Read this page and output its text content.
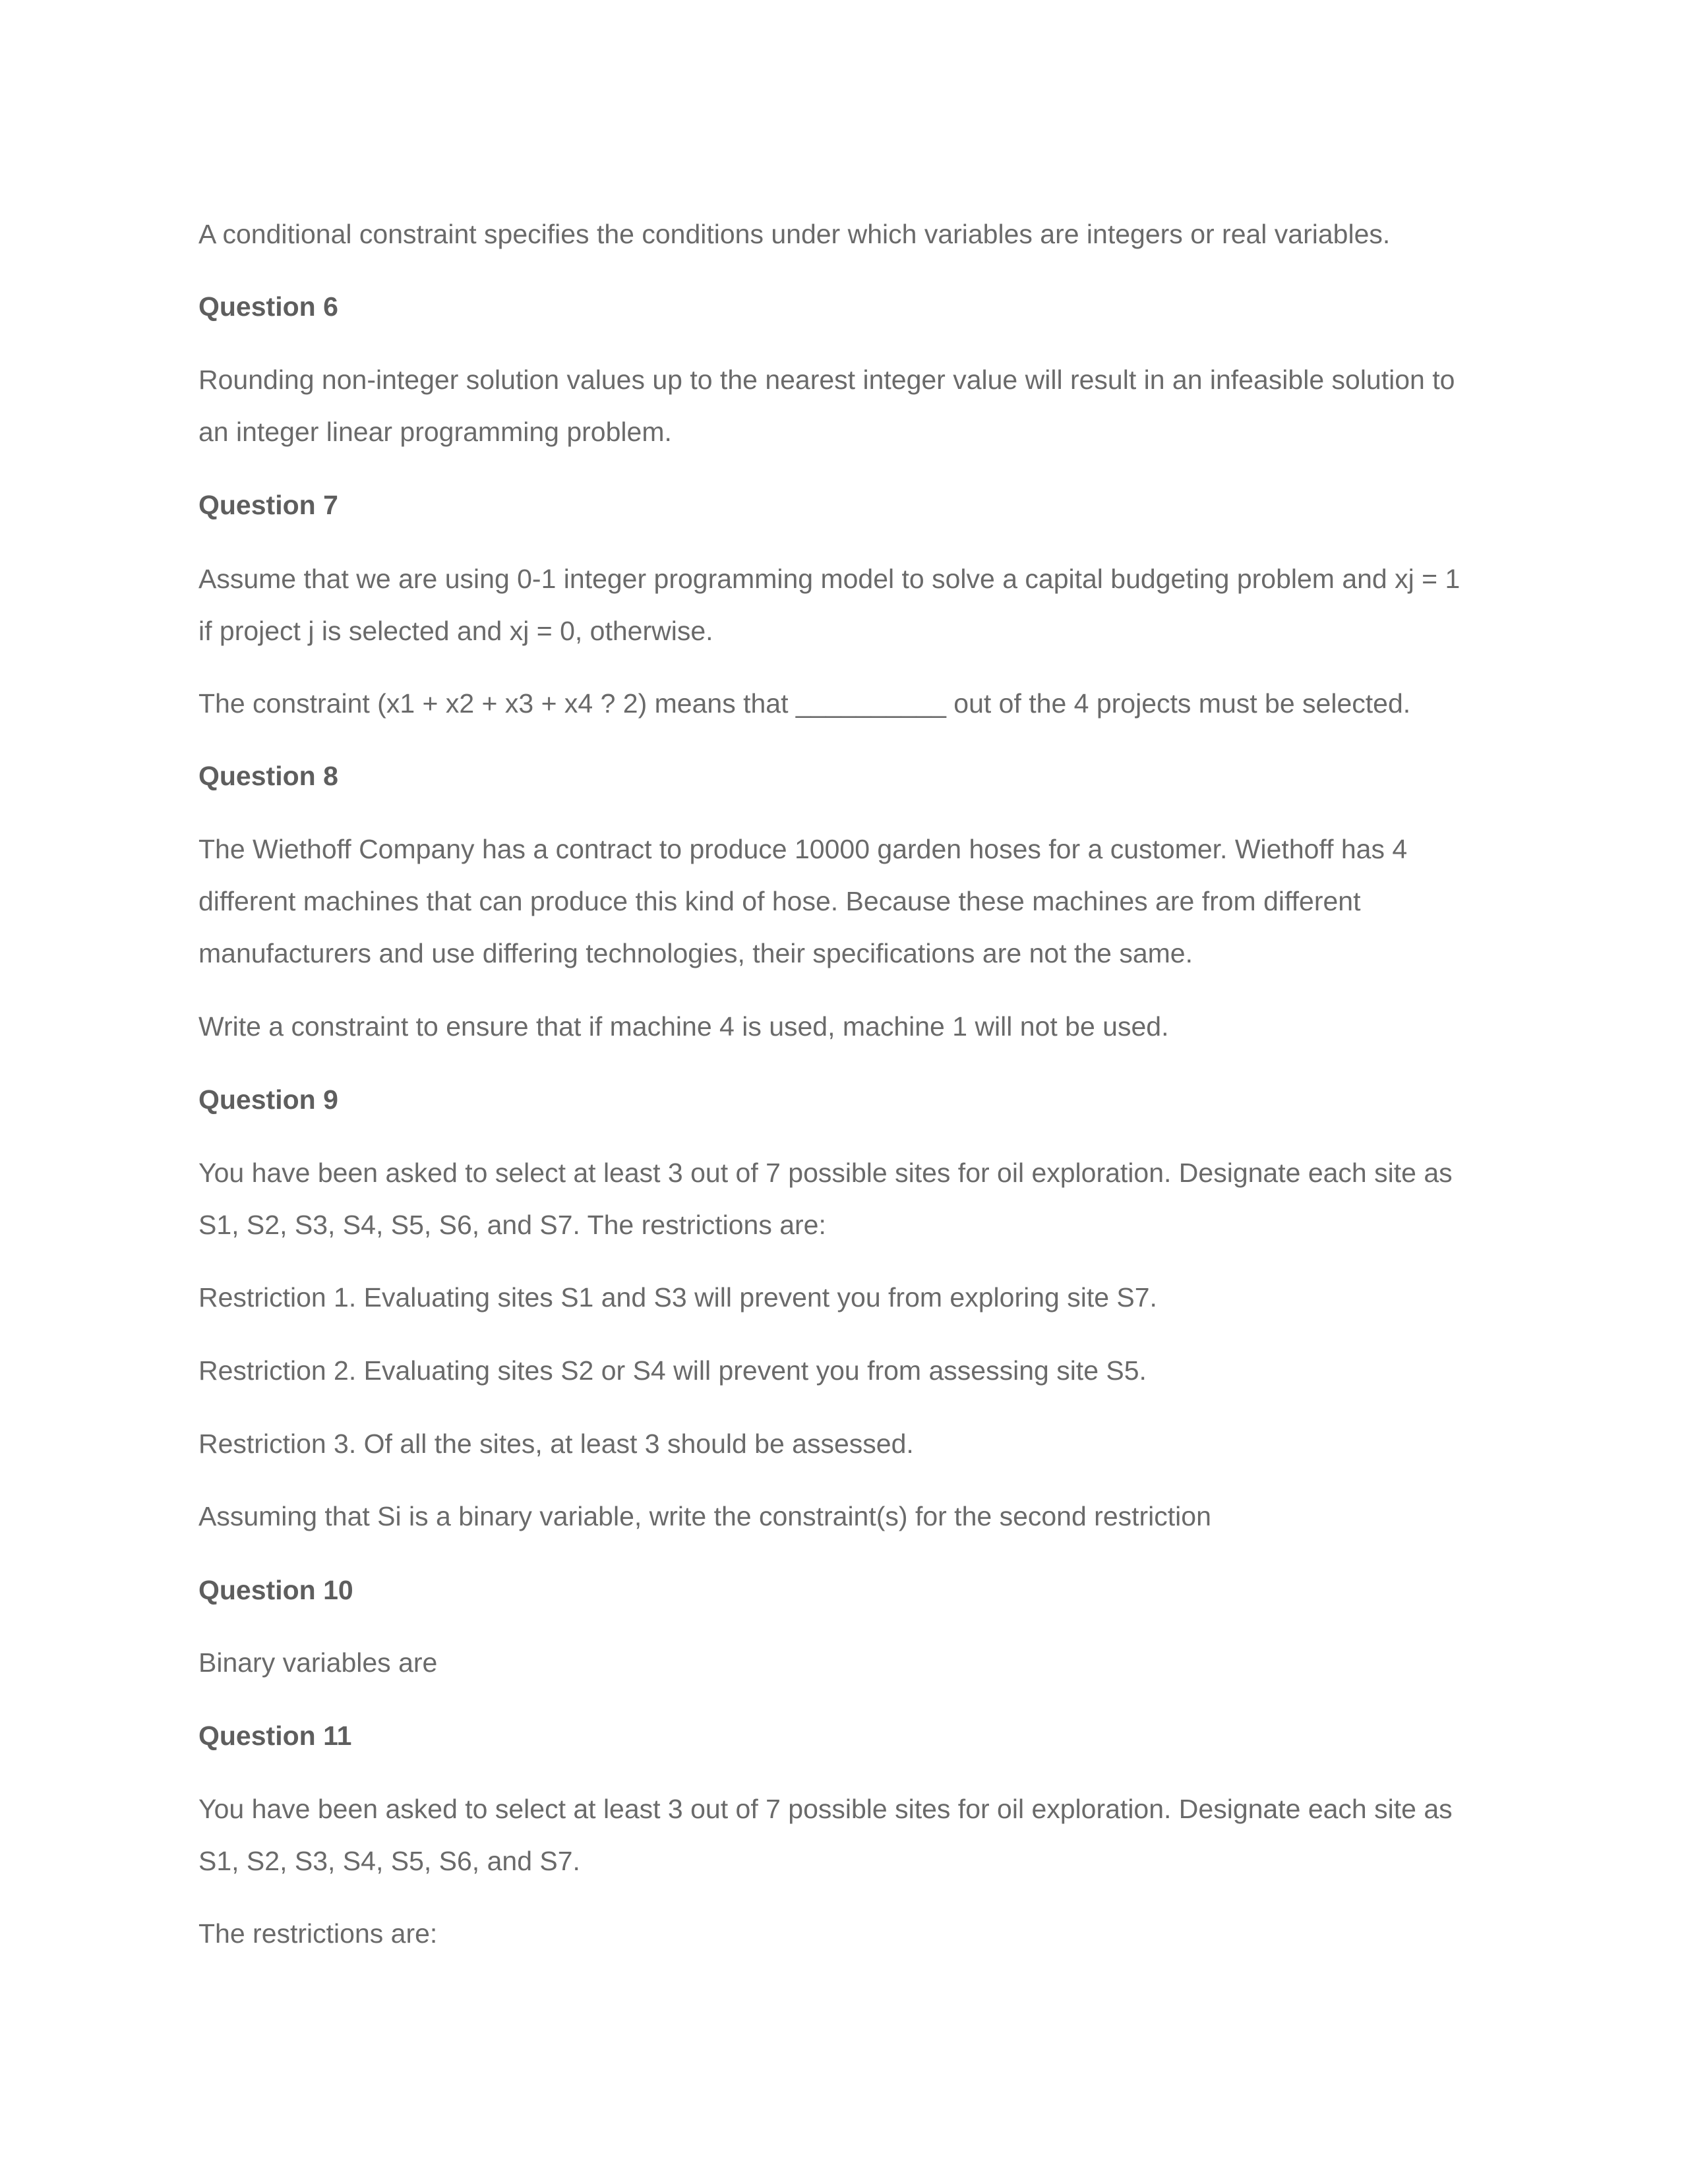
A conditional constraint specifies the conditions under which variables are integers or real variables.

Question 6

Rounding non-integer solution values up to the nearest integer value will result in an infeasible solution to

an integer linear programming problem.

Question 7

Assume that we are using 0-1 integer programming model to solve a capital budgeting problem and xj = 1

if project j is selected and xj = 0, otherwise.

The constraint (x1 + x2 + x3 + x4 ? 2) means that __________ out of the 4 projects must be selected.

Question 8

The Wiethoff Company has a contract to produce 10000 garden hoses for a customer. Wiethoff has 4

different machines that can produce this kind of hose. Because these machines are from different

manufacturers and use differing technologies, their specifications are not the same.

Write a constraint to ensure that if machine 4 is used, machine 1 will not be used.

Question 9

You have been asked to select at least 3 out of 7 possible sites for oil exploration. Designate each site as

S1, S2, S3, S4, S5, S6, and S7. The restrictions are:

Restriction 1. Evaluating sites S1 and S3 will prevent you from exploring site S7.

Restriction 2. Evaluating sites S2 or S4 will prevent you from assessing site S5.

Restriction 3. Of all the sites, at least 3 should be assessed.

Assuming that Si is a binary variable, write the constraint(s) for the second restriction

Question 10

Binary variables are

Question 11

You have been asked to select at least 3 out of 7 possible sites for oil exploration. Designate each site as

S1, S2, S3, S4, S5, S6, and S7.

The restrictions are:
